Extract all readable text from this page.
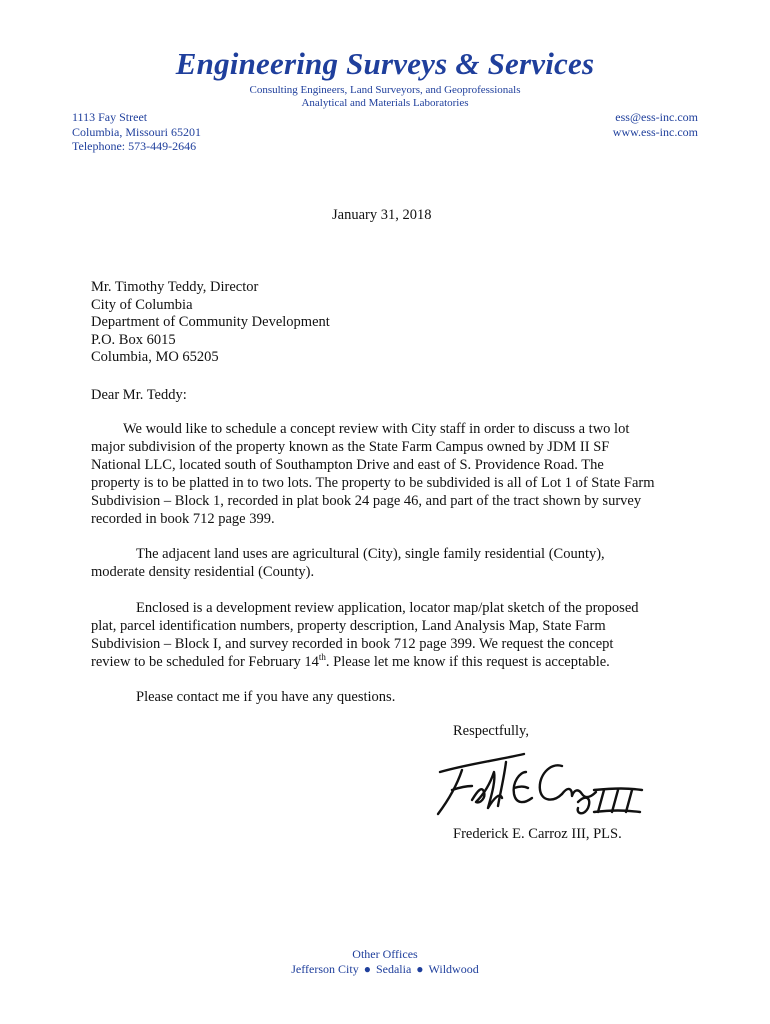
Engineering Surveys & Services
Consulting Engineers, Land Surveyors, and Geoprofessionals
Analytical and Materials Laboratories
1113 Fay Street
Columbia, Missouri 65201
Telephone: 573-449-2646
ess@ess-inc.com
www.ess-inc.com
January 31, 2018
Mr. Timothy Teddy, Director
City of Columbia
Department of Community Development
P.O. Box 6015
Columbia, MO 65205
Dear Mr. Teddy:
We would like to schedule a concept review with City staff in order to discuss a two lot
major subdivision of the property known as the State Farm Campus owned by JDM II SF
National LLC, located south of Southampton Drive and east of S. Providence Road. The
property is to be platted in to two lots. The property to be subdivided is all of Lot 1 of State Farm
Subdivision – Block 1, recorded in plat book 24 page 46, and part of the tract shown by survey
recorded in book 712 page 399.
The adjacent land uses are agricultural (City), single family residential (County),
moderate density residential (County).
Enclosed is a development review application, locator map/plat sketch of the proposed
plat, parcel identification numbers, property description, Land Analysis Map, State Farm
Subdivision – Block I, and survey recorded in book 712 page 399. We request the concept
review to be scheduled for February 14th. Please let me know if this request is acceptable.
Please contact me if you have any questions.
Respectfully,
Frederick E. Carroz III, PLS.
Other Offices
Jefferson City ● Sedalia ● Wildwood
